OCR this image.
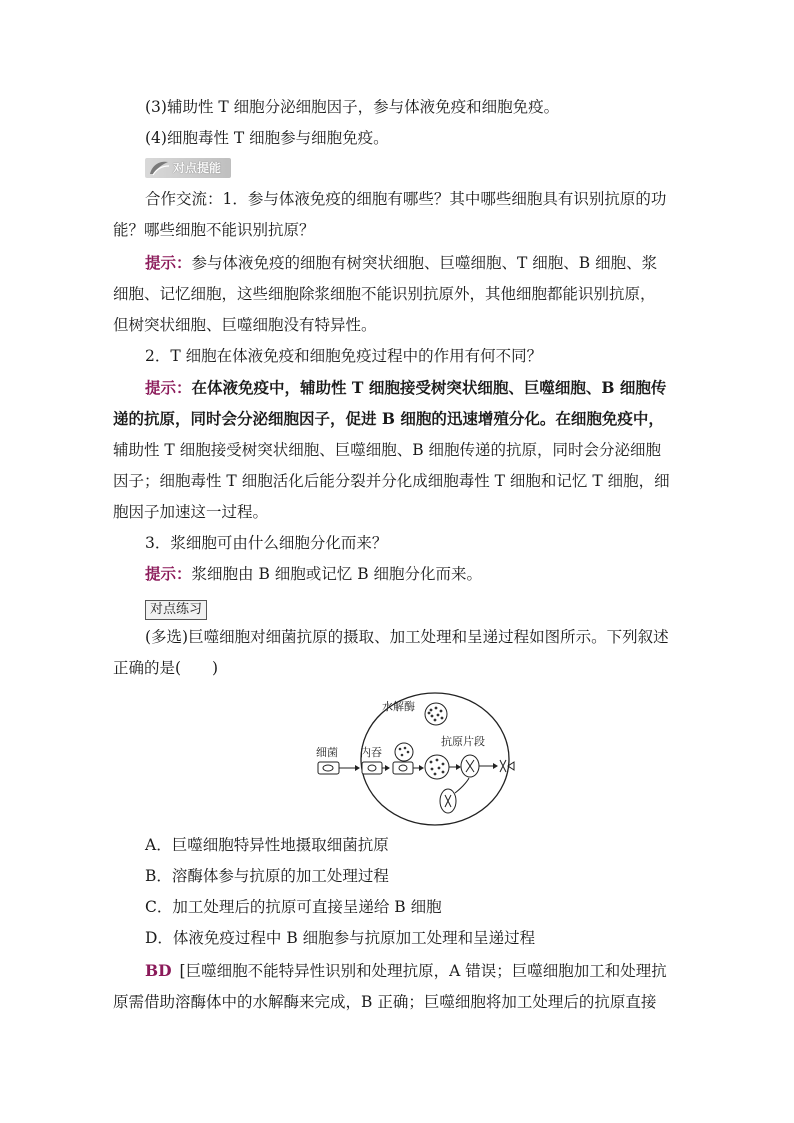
(3)辅助性 T 细胞分泌细胞因子，参与体液免疫和细胞免疫。
(4)细胞毒性 T 细胞参与细胞免疫。
对点提能
合作交流：1．参与体液免疫的细胞有哪些？其中哪些细胞具有识别抗原的功
能？哪些细胞不能识别抗原？
提示：参与体液免疫的细胞有树突状细胞、巨噬细胞、T 细胞、B 细胞、浆
细胞、记忆细胞，这些细胞除浆细胞不能识别抗原外，其他细胞都能识别抗原，
但树突状细胞、巨噬细胞没有特异性。
2．T 细胞在体液免疫和细胞免疫过程中的作用有何不同？
提示：在体液免疫中，辅助性 T 细胞接受树突状细胞、巨噬细胞、B 细胞传
递的抗原，同时会分泌细胞因子，促进 B 细胞的迅速增殖分化。在细胞免疫中，
辅助性 T 细胞接受树突状细胞、巨噬细胞、B 细胞传递的抗原，同时会分泌细胞
因子；细胞毒性 T 细胞活化后能分裂并分化成细胞毒性 T 细胞和记忆 T 细胞，细
胞因子加速这一过程。
3．浆细胞可由什么细胞分化而来？
提示：浆细胞由 B 细胞或记忆 B 细胞分化而来。
对点练习
(多选)巨噬细胞对细菌抗原的摄取、加工处理和呈递过程如图所示。下列叙述
正确的是(　　)
细菌
水解酶
内吞
抗原片段
A．巨噬细胞特异性地摄取细菌抗原
B．溶酶体参与抗原的加工处理过程
C．加工处理后的抗原可直接呈递给 B 细胞
D．体液免疫过程中 B 细胞参与抗原加工处理和呈递过程
BD [巨噬细胞不能特异性识别和处理抗原，A 错误；巨噬细胞加工和处理抗
原需借助溶酶体中的水解酶来完成，B 正确；巨噬细胞将加工处理后的抗原直接
